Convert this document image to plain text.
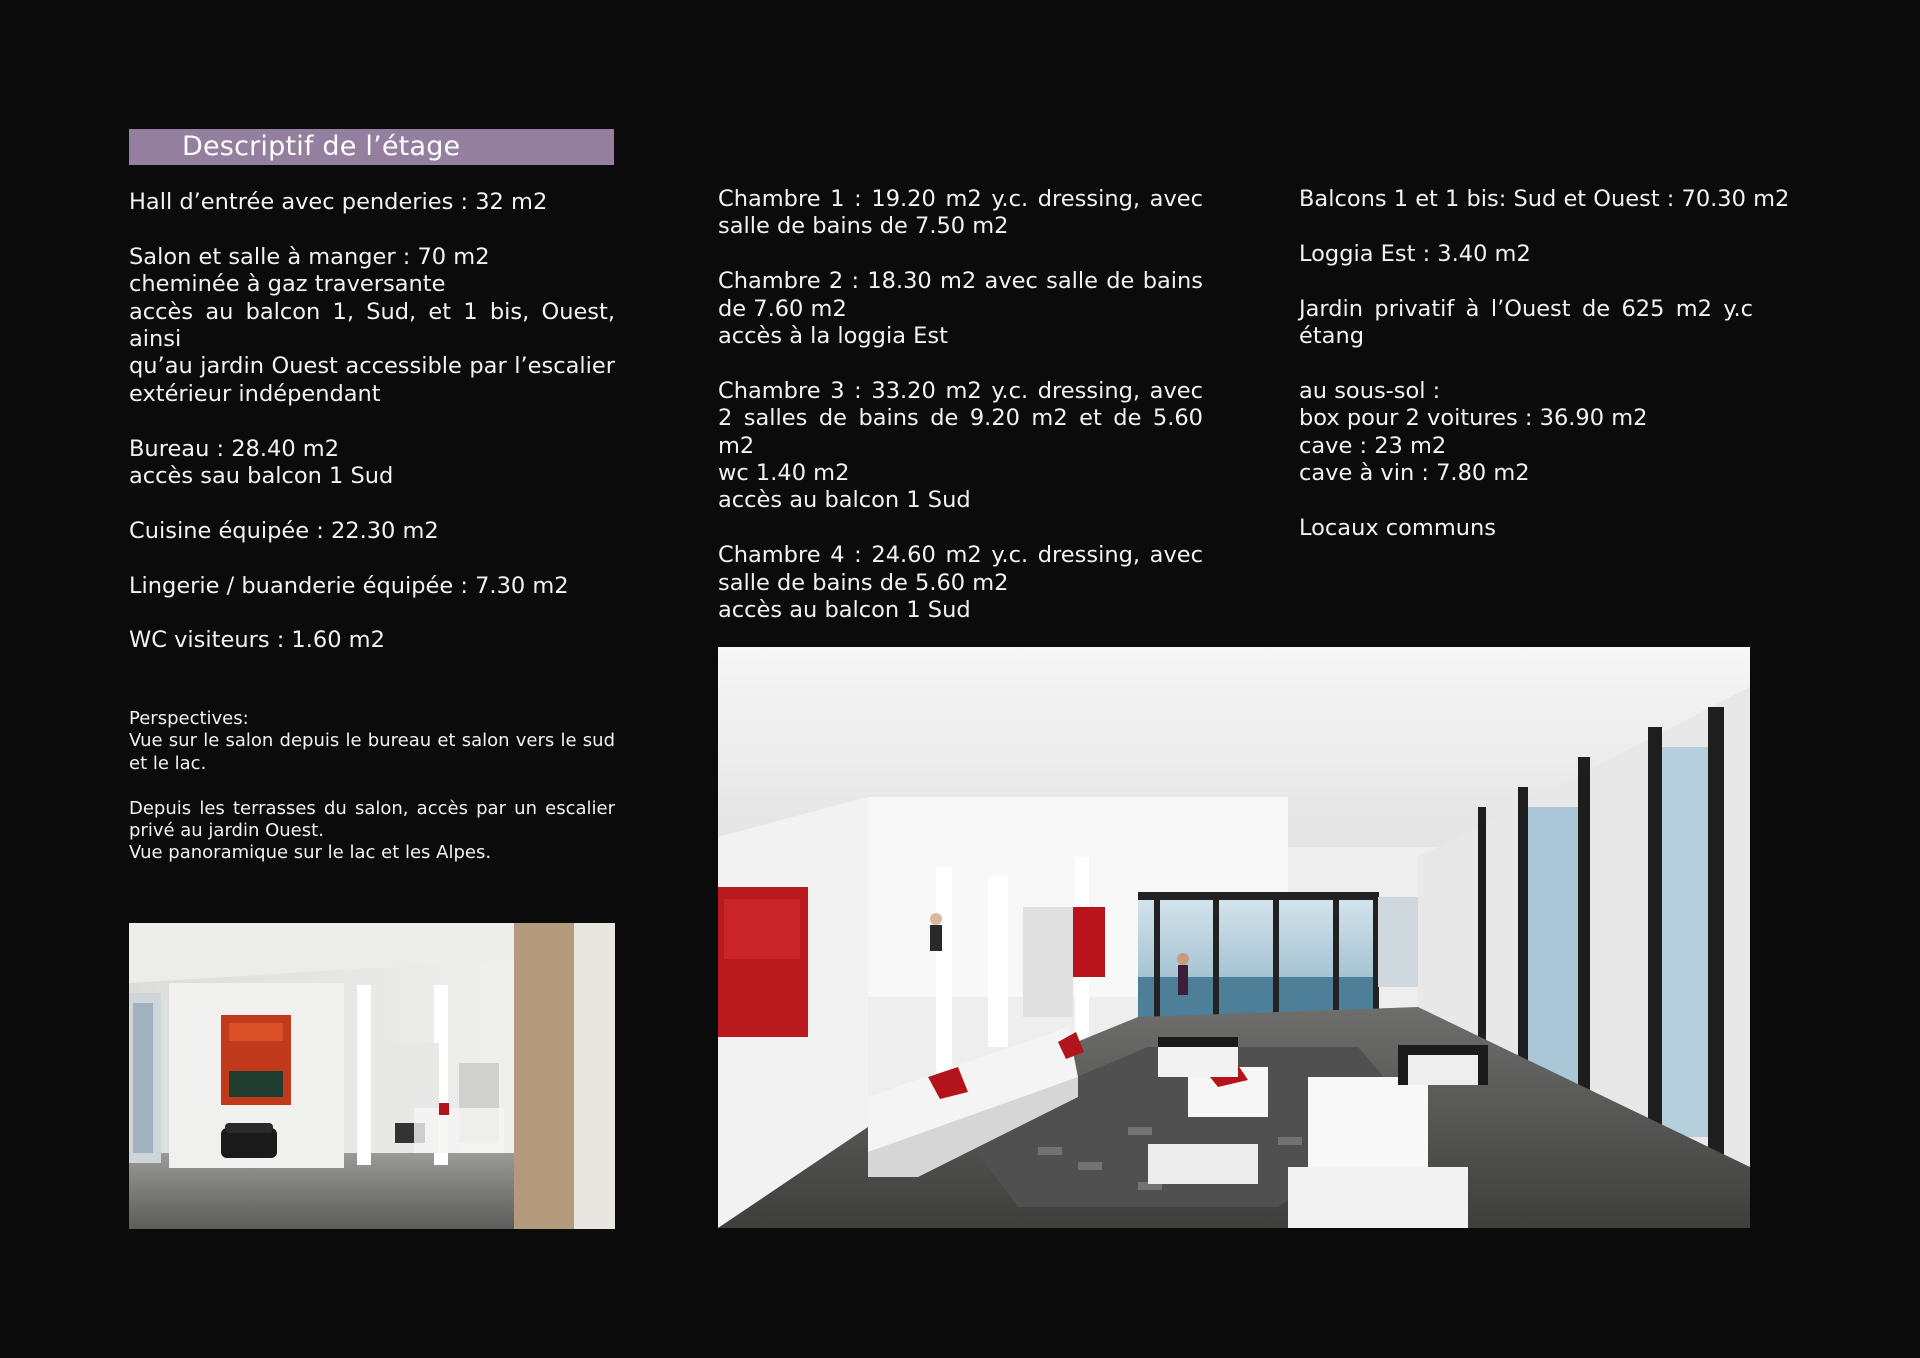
Descriptif de l’étage
Hall d’entrée avec penderies : 32 m2
Salon et salle à manger : 70 m2
cheminée à gaz traversante
accès au balcon 1, Sud, et 1 bis, Ouest, ainsi
qu’au jardin Ouest accessible par l’escalier
extérieur indépendant
Bureau : 28.40 m2
accès sau balcon 1 Sud
Cuisine équipée : 22.30 m2
Lingerie / buanderie équipée : 7.30 m2
WC visiteurs : 1.60 m2
Chambre 1 : 19.20 m2 y.c. dressing, avec
salle de bains de 7.50 m2
Chambre 2 : 18.30 m2 avec salle de bains
de 7.60 m2
accès à la loggia Est
Chambre 3 : 33.20 m2 y.c. dressing, avec
2 salles de bains de 9.20 m2 et de 5.60 m2
wc 1.40 m2
accès au balcon 1 Sud
Chambre 4 : 24.60 m2 y.c. dressing, avec
salle de bains de 5.60 m2
accès au balcon 1 Sud
Balcons 1 et 1 bis: Sud et Ouest : 70.30 m2
Loggia Est : 3.40 m2
Jardin privatif à l’Ouest de 625 m2 y.c
étang
au sous-sol :
box pour 2 voitures : 36.90 m2
cave : 23 m2
cave à vin : 7.80 m2
Locaux communs
Perspectives:
Vue sur le salon depuis le bureau et salon vers le sud
et le lac.
Depuis les terrasses du salon, accès par un escalier
privé au jardin Ouest.
Vue panoramique sur le lac et les Alpes.
